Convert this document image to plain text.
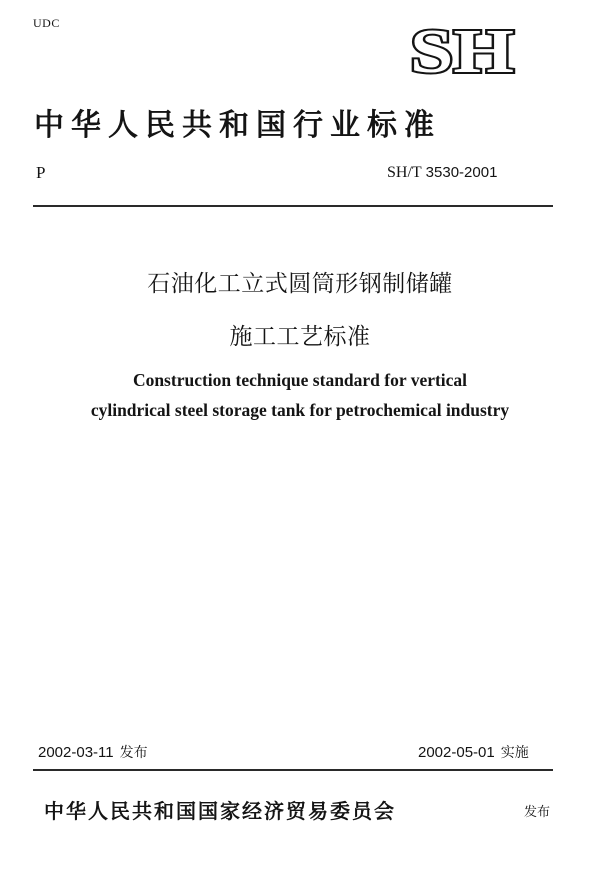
UDC	SH
中华人民共和国行业标准
P	SH/T 3530-2001
石油化工立式圆筒形钢制储罐
施工工艺标准
Construction technique standard for vertical
cylindrical steel storage tank for petrochemical industry
2002-03-11 发布	2002-05-01 实施
中华人民共和国国家经济贸易委员会	发布
